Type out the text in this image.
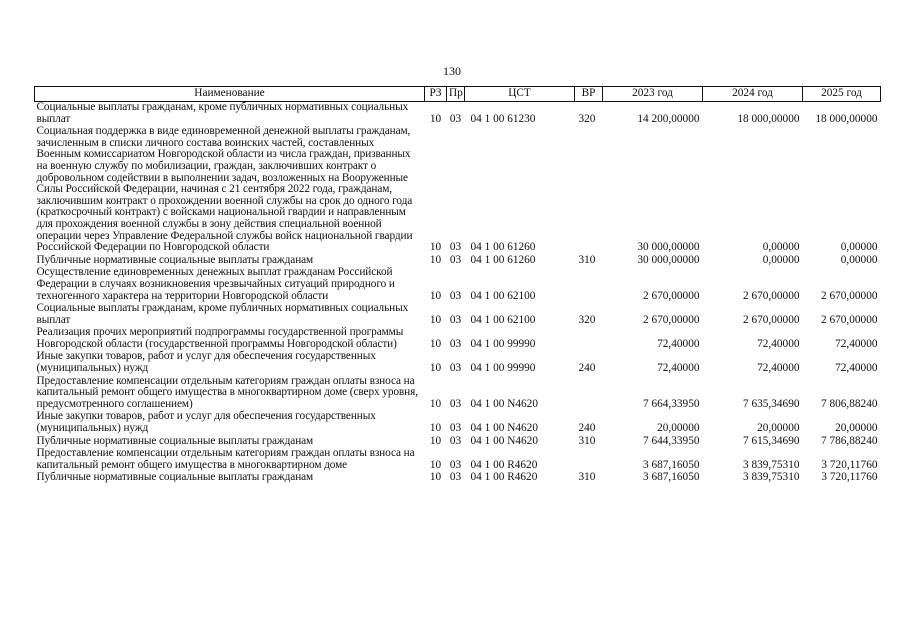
130
Наименование	РЗ	Пр	ЦСТ	ВР	2023 год	2024 год	2025 год
Социальные выплаты гражданам, кроме публичных нормативных социальных выплат	10	03	04 1 00 61230	320	14 200,00000	18 000,00000	18 000,00000
Социальная поддержка в виде единовременной денежной выплаты гражданам, зачисленным в списки личного состава воинских частей, составленных Военным комиссариатом Новгородской области из числа граждан, призванных на военную службу по мобилизации, граждан, заключивших контракт о добровольном содействии в выполнении задач, возложенных на Вооруженные Силы Российской Федерации, начиная с 21 сентября 2022 года, гражданам, заключившим контракт о прохождении военной службы на срок до одного года (краткосрочный контракт) с войсками национальной гвардии и направленным для прохождения военной службы в зону действия специальной военной операции через Управление Федеральной службы войск национальной гвардии Российской Федерации по Новгородской области	10	03	04 1 00 61260		30 000,00000	0,00000	0,00000
Публичные нормативные социальные выплаты гражданам	10	03	04 1 00 61260	310	30 000,00000	0,00000	0,00000
Осуществление единовременных денежных выплат гражданам Российской Федерации в случаях возникновения чрезвычайных ситуаций природного и техногенного характера на территории Новгородской области	10	03	04 1 00 62100		2 670,00000	2 670,00000	2 670,00000
Социальные выплаты гражданам, кроме публичных нормативных социальных выплат	10	03	04 1 00 62100	320	2 670,00000	2 670,00000	2 670,00000
Реализация прочих мероприятий подпрограммы государственной программы Новгородской области (государственной программы Новгородской области)	10	03	04 1 00 99990		72,40000	72,40000	72,40000
Иные закупки товаров, работ и услуг для обеспечения государственных (муниципальных) нужд	10	03	04 1 00 99990	240	72,40000	72,40000	72,40000
Предоставление компенсации отдельным категориям граждан оплаты взноса на капитальный ремонт общего имущества в многоквартирном доме (сверх уровня, предусмотренного соглашением)	10	03	04 1 00 N4620		7 664,33950	7 635,34690	7 806,88240
Иные закупки товаров, работ и услуг для обеспечения государственных (муниципальных) нужд	10	03	04 1 00 N4620	240	20,00000	20,00000	20,00000
Публичные нормативные социальные выплаты гражданам	10	03	04 1 00 N4620	310	7 644,33950	7 615,34690	7 786,88240
Предоставление компенсации отдельным категориям граждан оплаты взноса на капитальный ремонт общего имущества в многоквартирном доме	10	03	04 1 00 R4620		3 687,16050	3 839,75310	3 720,11760
Публичные нормативные социальные выплаты гражданам	10	03	04 1 00 R4620	310	3 687,16050	3 839,75310	3 720,11760
